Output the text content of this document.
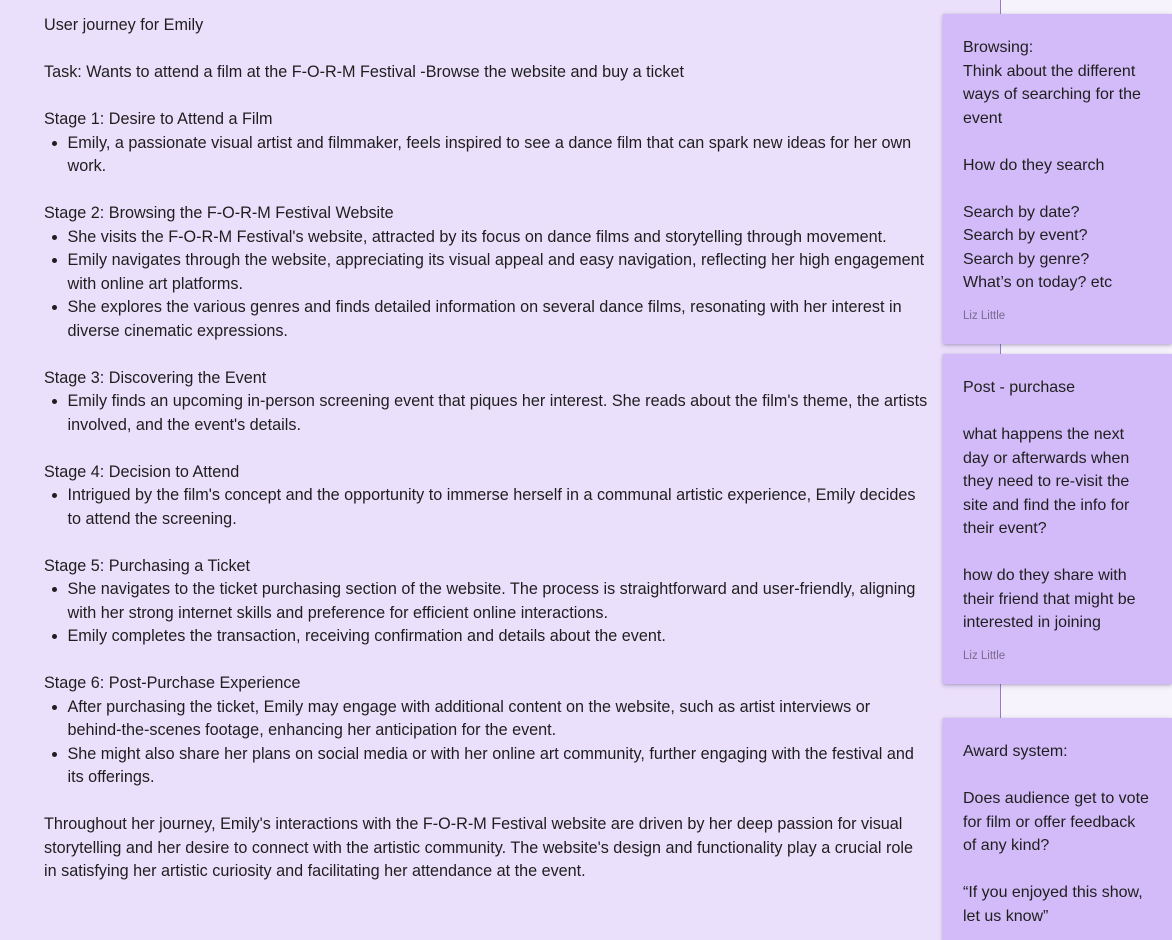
User journey for Emily

Task: Wants to attend a film at the F-O-R-M Festival -Browse the website and buy a ticket

Stage 1: Desire to Attend a Film

• Emily, a passionate visual artist and filmmaker, feels inspired to see a dance film that can spark new ideas for her own work.

Stage 2: Browsing the F-O-R-M Festival Website

• She visits the F-O-R-M Festival's website, attracted by its focus on dance films and storytelling through movement.
• Emily navigates through the website, appreciating its visual appeal and easy navigation, reflecting her high engagement with online art platforms.
• She explores the various genres and finds detailed information on several dance films, resonating with her interest in diverse cinematic expressions.

Stage 3: Discovering the Event

• Emily finds an upcoming in-person screening event that piques her interest. She reads about the film's theme, the artists involved, and the event's details.

Stage 4: Decision to Attend

• Intrigued by the film's concept and the opportunity to immerse herself in a communal artistic experience, Emily decides to attend the screening.

Stage 5: Purchasing a Ticket

• She navigates to the ticket purchasing section of the website. The process is straightforward and user-friendly, aligning with her strong internet skills and preference for efficient online interactions.
• Emily completes the transaction, receiving confirmation and details about the event.

Stage 6: Post-Purchase Experience

• After purchasing the ticket, Emily may engage with additional content on the website, such as artist interviews or behind-the-scenes footage, enhancing her anticipation for the event.
• She might also share her plans on social media or with her online art community, further engaging with the festival and its offerings.

Throughout her journey, Emily's interactions with the F-O-R-M Festival website are driven by her deep passion for visual storytelling and her desire to connect with the artistic community. The website's design and functionality play a crucial role in satisfying her artistic curiosity and facilitating her attendance at the event.

Browsing:
Think about the different
ways of searching for the
event
How do they search
Search by date?
Search by event?
Search by genre?
What’s on today? etc
Liz Little
Post - purchase
what happens the next
day or afterwards when
they need to re-visit the
site and find the info for
their event?
how do they share with
their friend that might be
interested in joining
Liz Little
Award system:
Does audience get to vote
for film or offer feedback
of any kind?
“If you enjoyed this show,
let us know”
